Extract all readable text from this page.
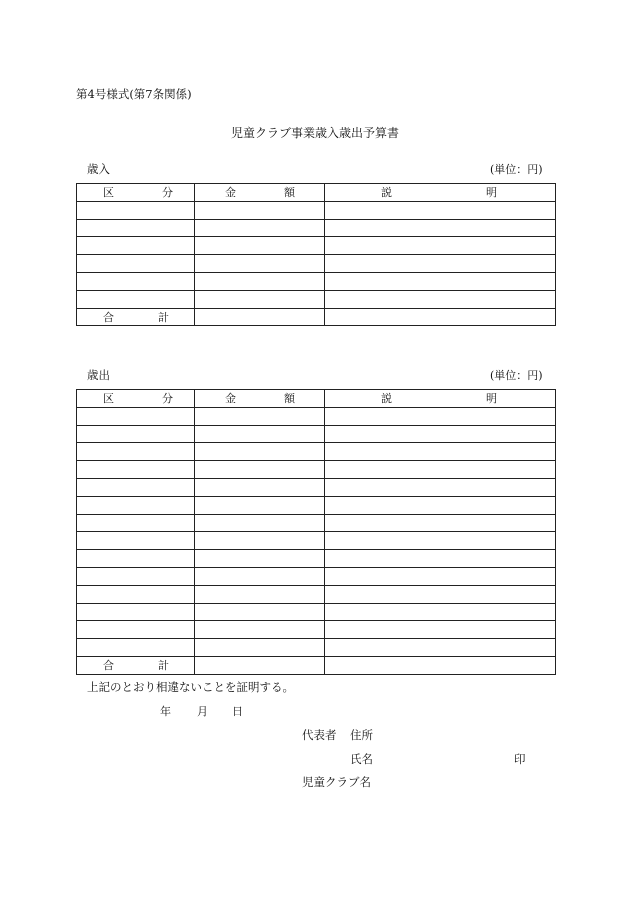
第4号様式(第7条関係)
児童クラブ事業歳入歳出予算書
歳入	(単位：円)
区 分	金 額	説 明

合 計		

歳出	(単位：円)
区 分	金 額	説 明

合 計		

上記のとおり相違ないことを証明する。
年 月 日
代表者 住所
氏名	印
児童クラブ名
